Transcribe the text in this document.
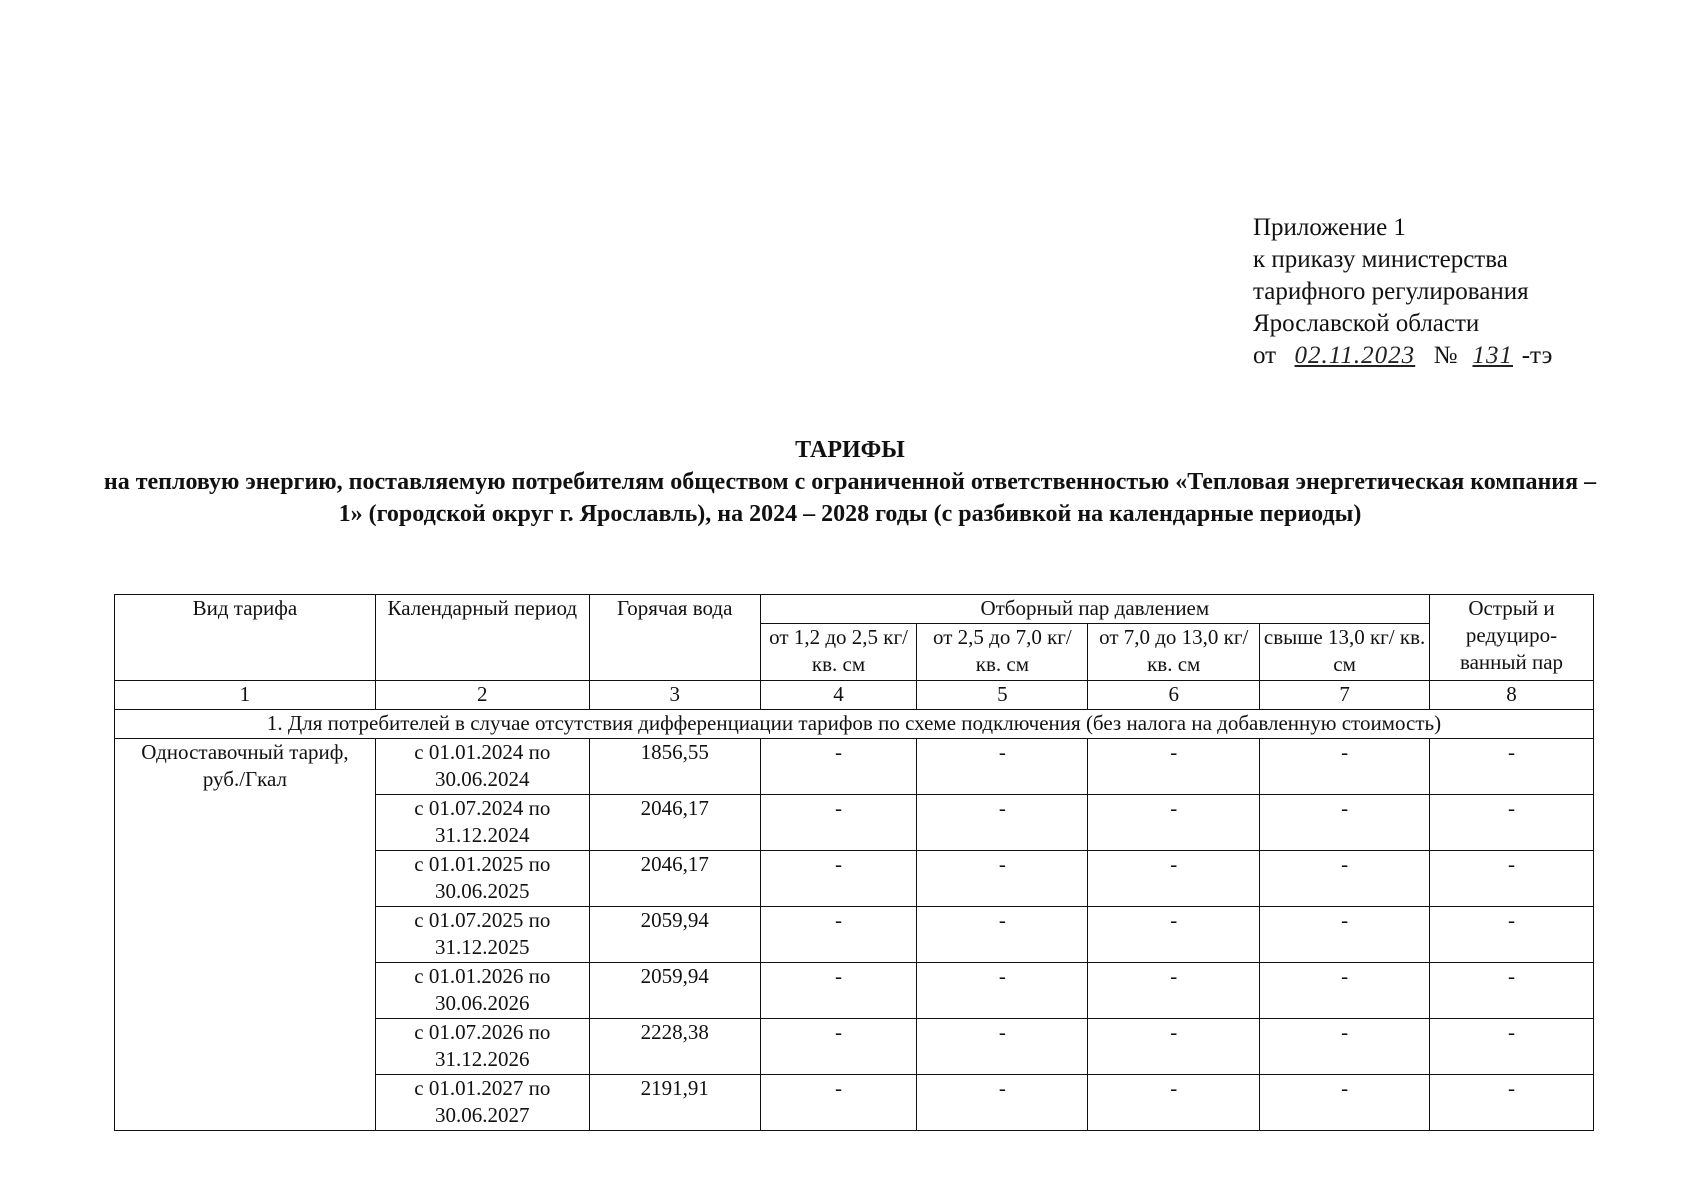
Приложение 1
к приказу министерства
тарифного регулирования
Ярославской области
от 02.11.2023 № 131 -тэ
ТАРИФЫ
на тепловую энергию, поставляемую потребителям обществом с ограниченной ответственностью «Тепловая энергетическая компания – 1» (городской округ г. Ярославль), на 2024 – 2028 годы (с разбивкой на календарные периоды)
Вид тарифа	Календарный период	Горячая вода	Отборный пар давлением				Острый и редуциро-ванный пар
			от 1,2 до 2,5 кг/ кв. см	от 2,5 до 7,0 кг/ кв. см	от 7,0 до 13,0 кг/ кв. см	свыше 13,0 кг/ кв. см	
1	2	3	4	5	6	7	8
1. Для потребителей в случае отсутствия дифференциации тарифов по схеме подключения (без налога на добавленную стоимость)							
Одноставочный тариф, руб./Гкал	с 01.01.2024 по 30.06.2024	1856,55	-	-	-	-	-
	с 01.07.2024 по 31.12.2024	2046,17	-	-	-	-	-
	с 01.01.2025 по 30.06.2025	2046,17	-	-	-	-	-
	с 01.07.2025 по 31.12.2025	2059,94	-	-	-	-	-
	с 01.01.2026 по 30.06.2026	2059,94	-	-	-	-	-
	с 01.07.2026 по 31.12.2026	2228,38	-	-	-	-	-
	с 01.01.2027 по 30.06.2027	2191,91	-	-	-	-	-
